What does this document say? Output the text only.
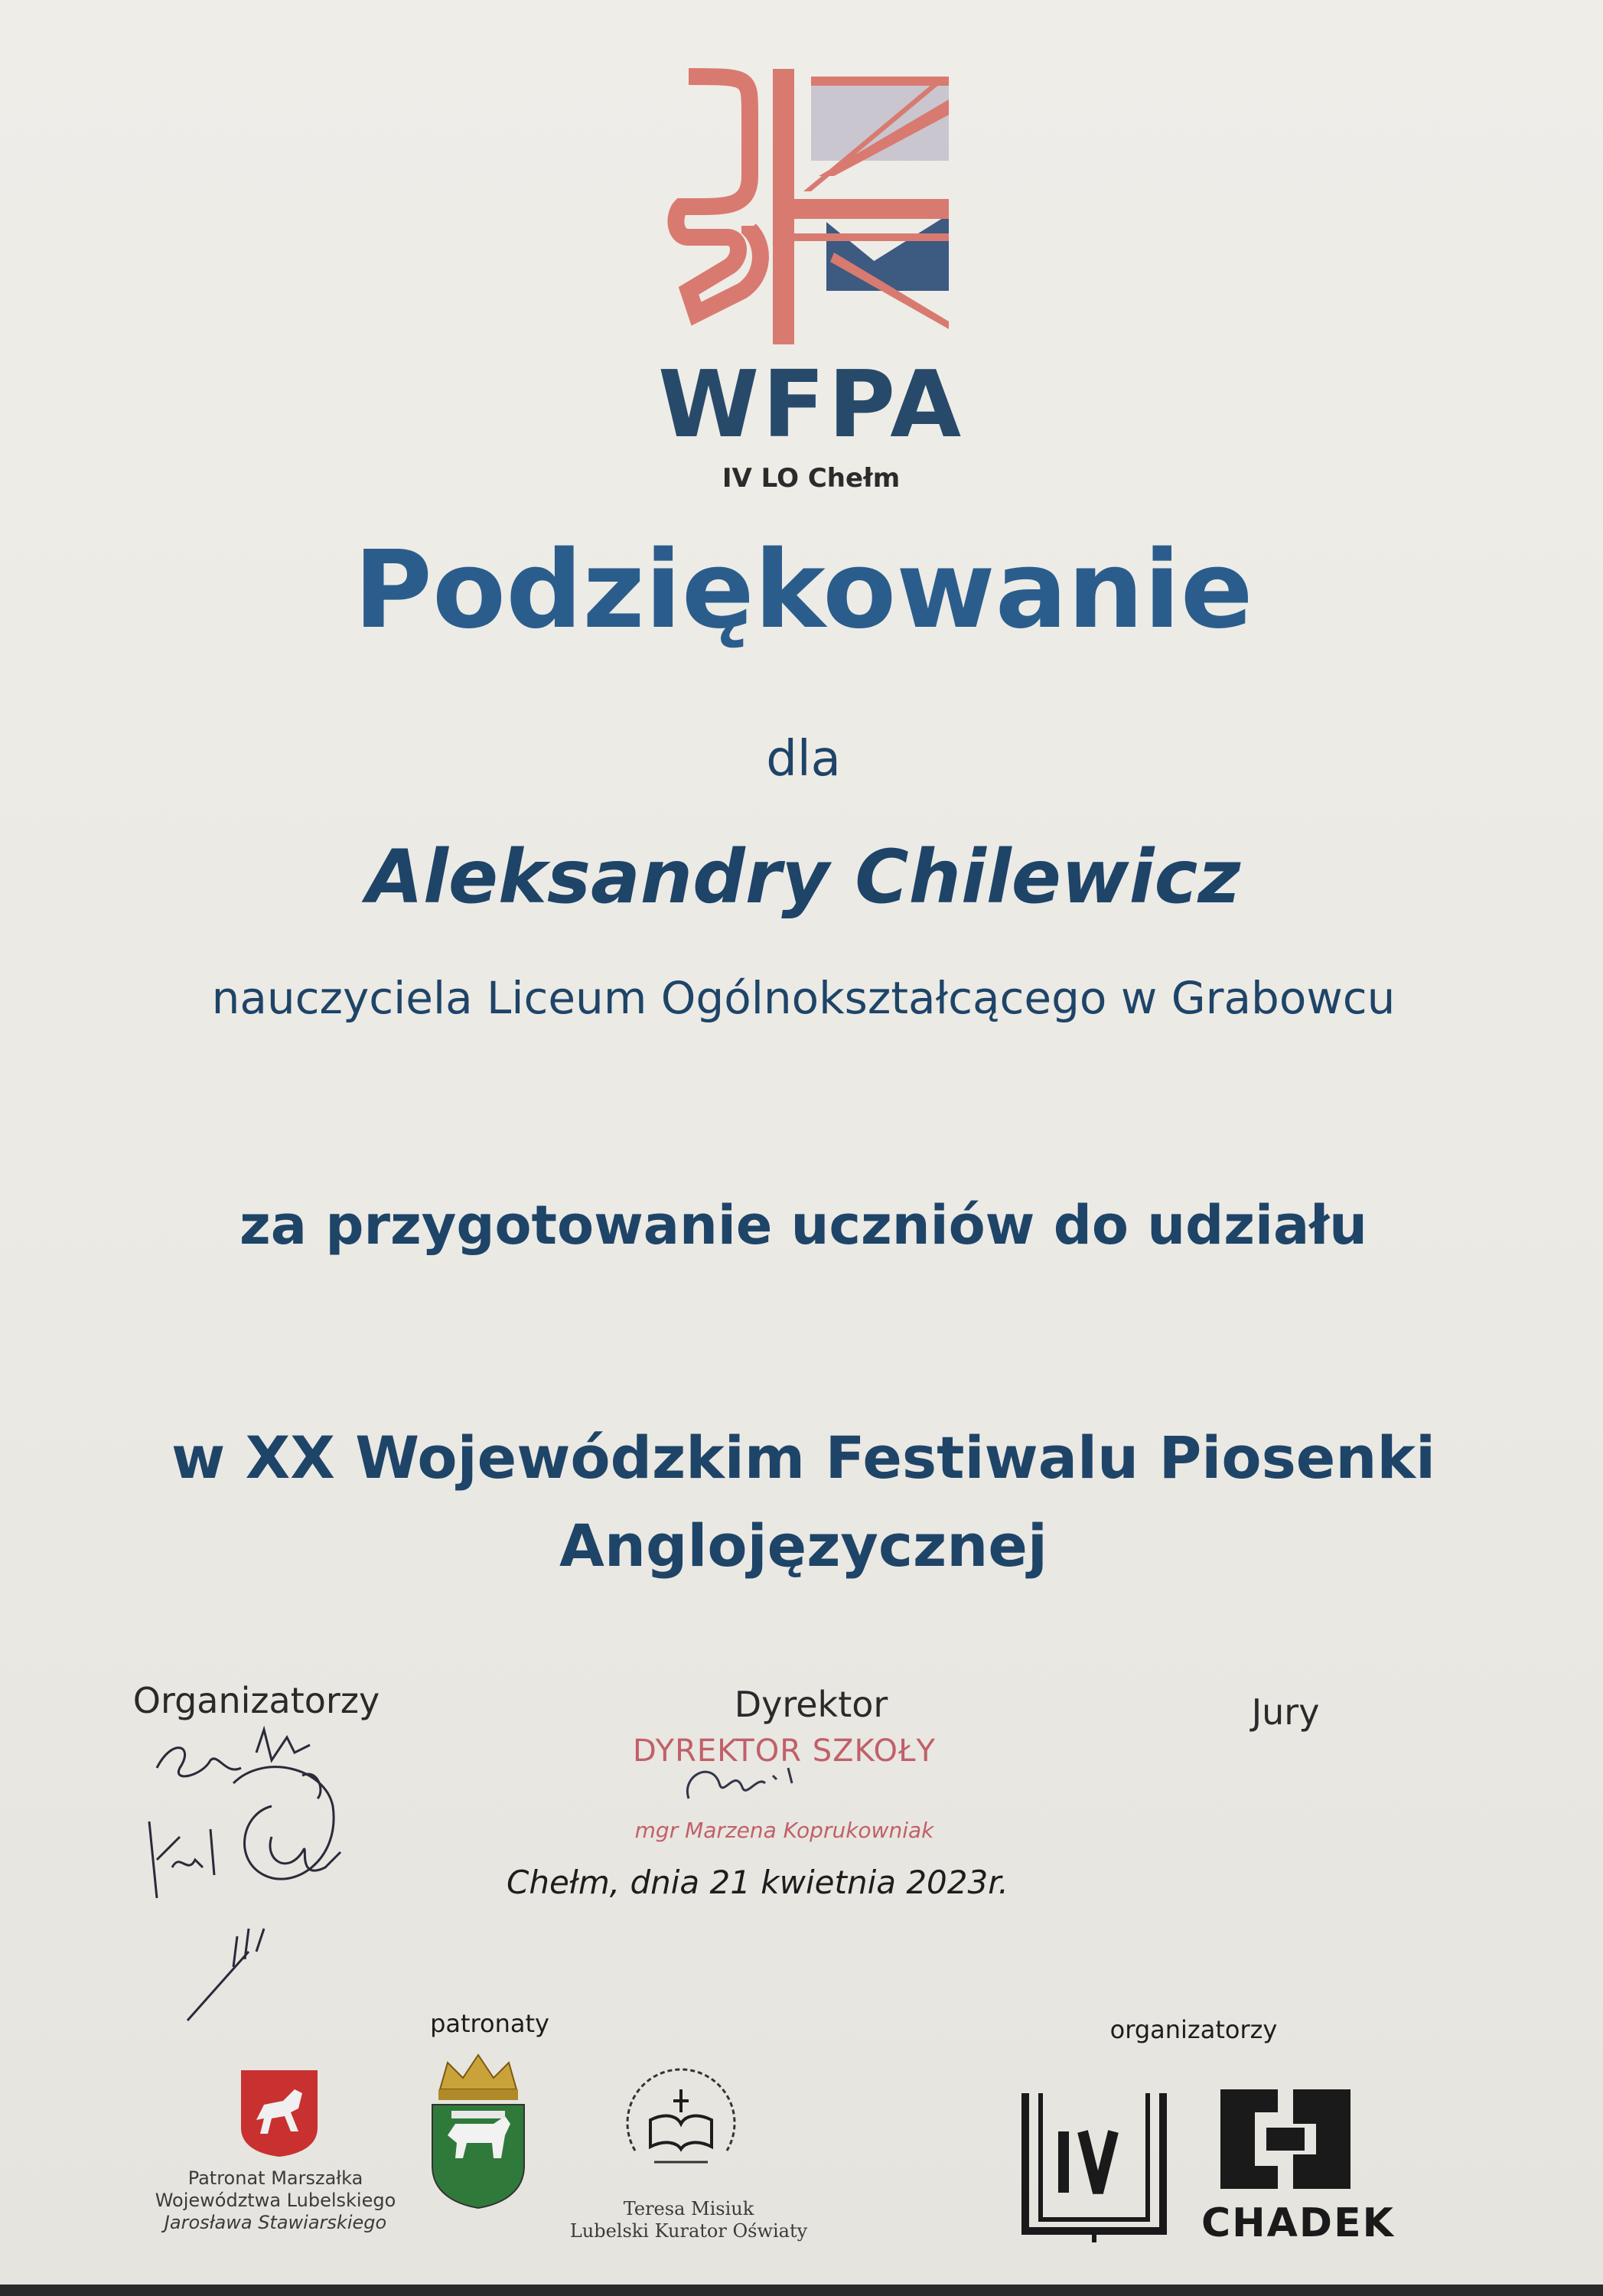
WFPA
IV LO Chełm
Podziękowanie
dla
Aleksandry Chilewicz
nauczyciela Liceum Ogólnokształcącego w Grabowcu
za przygotowanie uczniów do udziału
w XX Wojewódzkim Festiwalu Piosenki
Anglojęzycznej
Organizatorzy	Dyrektor	Jury
DYREKTOR SZKOŁY
mgr Marzena Koprukowniak
Chełm, dnia 21 kwietnia 2023r.
patronaty	organizatorzy
Patronat Marszałka
Województwa Lubelskiego
Jarosława Stawiarskiego
Teresa Misiuk
Lubelski Kurator Oświaty	CHADEK
